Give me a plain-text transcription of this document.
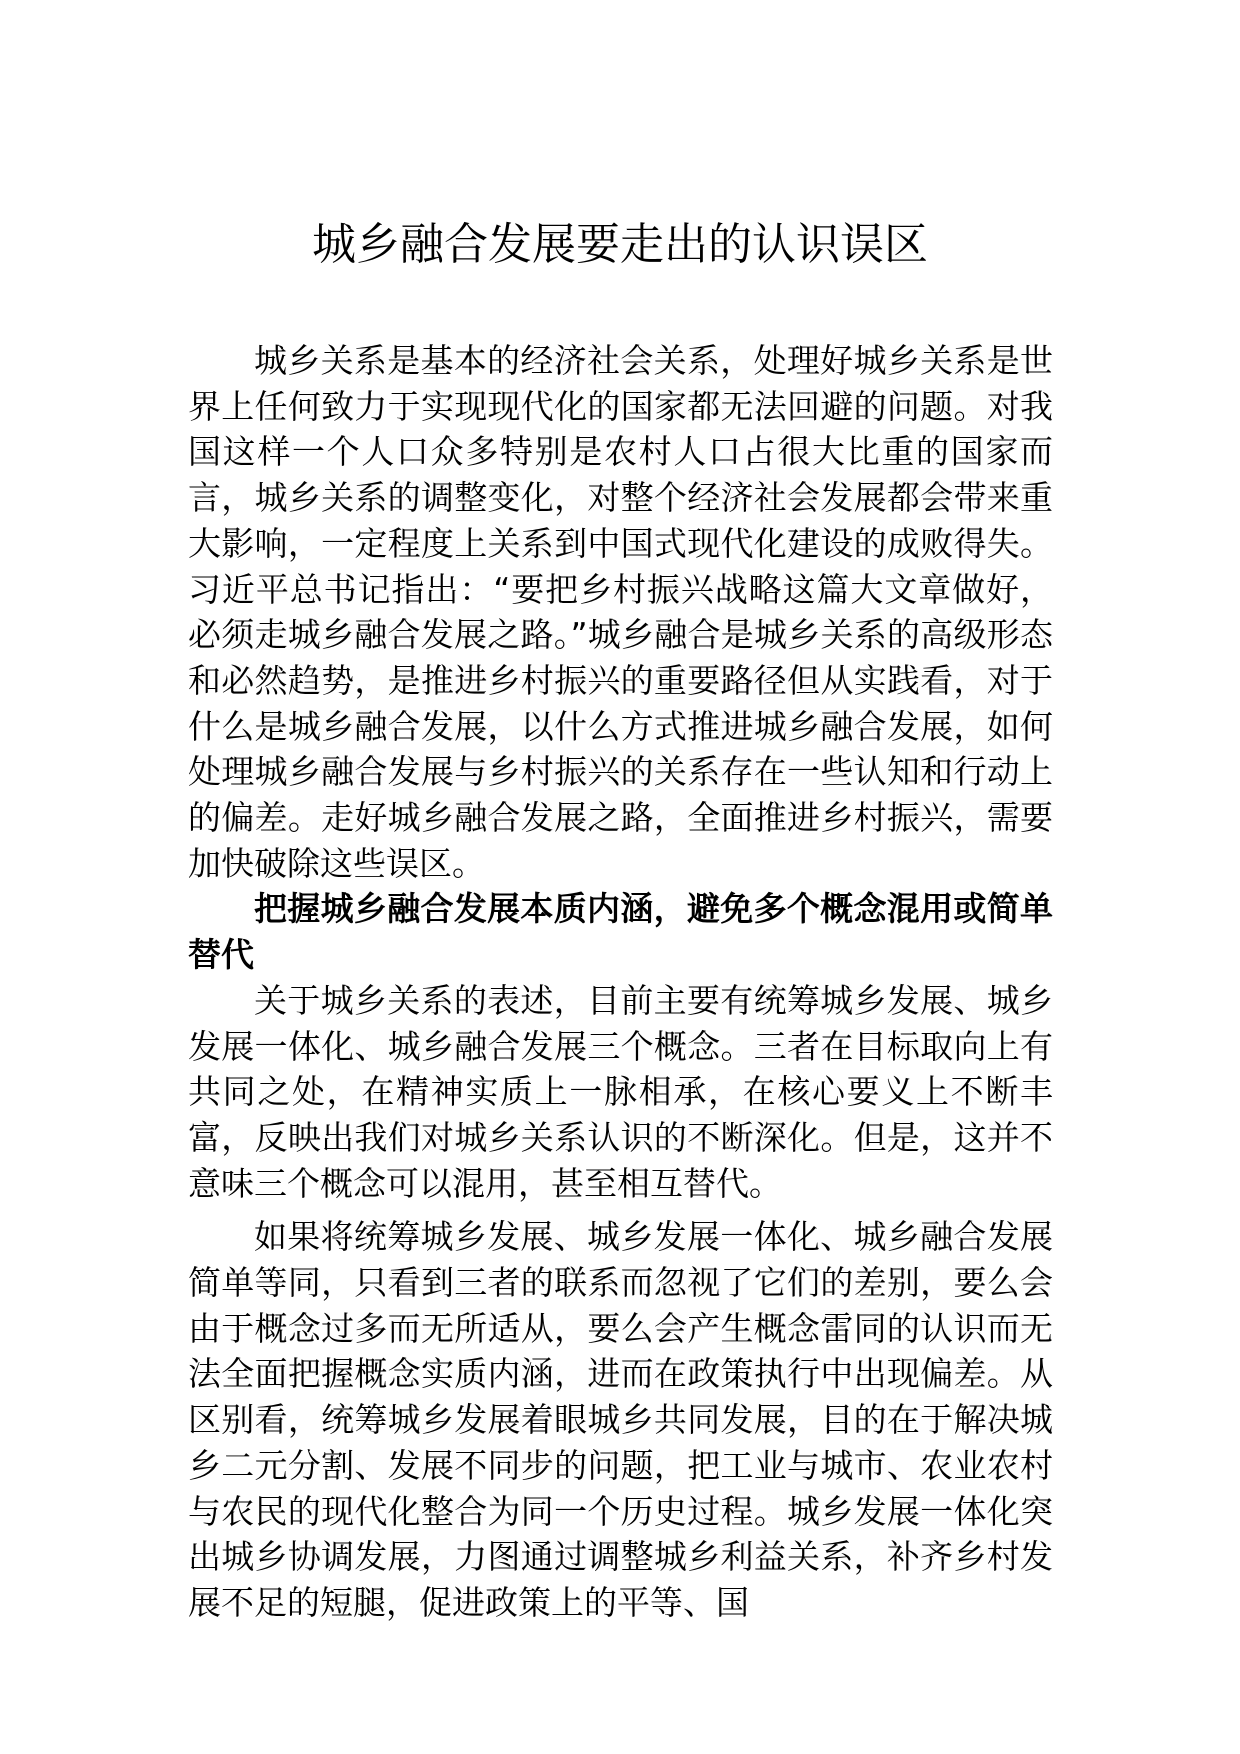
城乡融合发展要走出的认识误区

城乡关系是基本的经济社会关系，处理好城乡关系是世界上任何致力于实现现代化的国家都无法回避的问题。对我国这样一个人口众多特别是农村人口占很大比重的国家而言，城乡关系的调整变化，对整个经济社会发展都会带来重大影响，一定程度上关系到中国式现代化建设的成败得失。习近平总书记指出：“要把乡村振兴战略这篇大文章做好，必须走城乡融合发展之路。”城乡融合是城乡关系的高级形态和必然趋势，是推进乡村振兴的重要路径但从实践看，对于什么是城乡融合发展，以什么方式推进城乡融合发展，如何处理城乡融合发展与乡村振兴的关系存在一些认知和行动上的偏差。走好城乡融合发展之路，全面推进乡村振兴，需要加快破除这些误区。

把握城乡融合发展本质内涵，避免多个概念混用或简单替代

关于城乡关系的表述，目前主要有统筹城乡发展、城乡发展一体化、城乡融合发展三个概念。三者在目标取向上有共同之处，在精神实质上一脉相承，在核心要义上不断丰富，反映出我们对城乡关系认识的不断深化。但是，这并不意味三个概念可以混用，甚至相互替代。

如果将统筹城乡发展、城乡发展一体化、城乡融合发展简单等同，只看到三者的联系而忽视了它们的差别，要么会由于概念过多而无所适从，要么会产生概念雷同的认识而无法全面把握概念实质内涵，进而在政策执行中出现偏差。从区别看，统筹城乡发展着眼城乡共同发展，目的在于解决城乡二元分割、发展不同步的问题，把工业与城市、农业农村与农民的现代化整合为同一个历史过程。城乡发展一体化突出城乡协调发展，力图通过调整城乡利益关系，补齐乡村发展不足的短腿，促进政策上的平等、国
